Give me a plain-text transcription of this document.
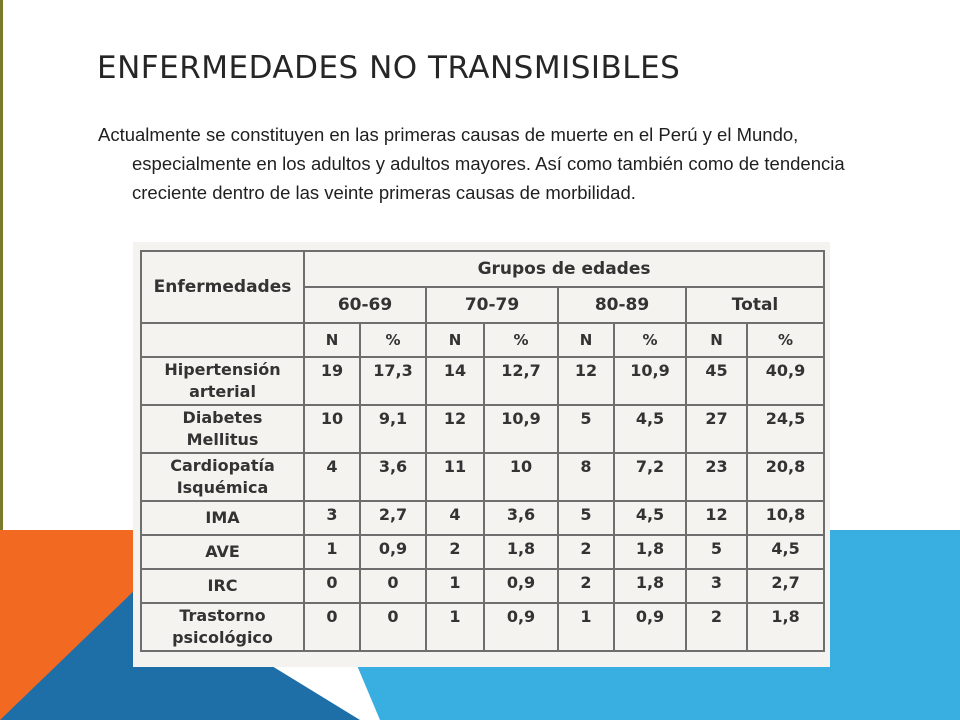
ENFERMEDADES NO TRANSMISIBLES

Actualmente se constituyen en las primeras causas de muerte en el Perú y el Mundo, especialmente en los adultos y adultos mayores. Así como también como de tendencia creciente dentro de las veinte primeras causas de morbilidad.

Enfermedades	Grupos de edades							
	60-69		70-79		80-89		Total	
	N	%	N	%	N	%	N	%
Hipertensión
arterial	19	17,3	14	12,7	12	10,9	45	40,9
Diabetes
Mellitus	10	9,1	12	10,9	5	4,5	27	24,5
Cardiopatía
Isquémica	4	3,6	11	10	8	7,2	23	20,8
IMA	3	2,7	4	3,6	5	4,5	12	10,8
AVE	1	0,9	2	1,8	2	1,8	5	4,5
IRC	0	0	1	0,9	2	1,8	3	2,7
Trastorno
psicológico	0	0	1	0,9	1	0,9	2	1,8
